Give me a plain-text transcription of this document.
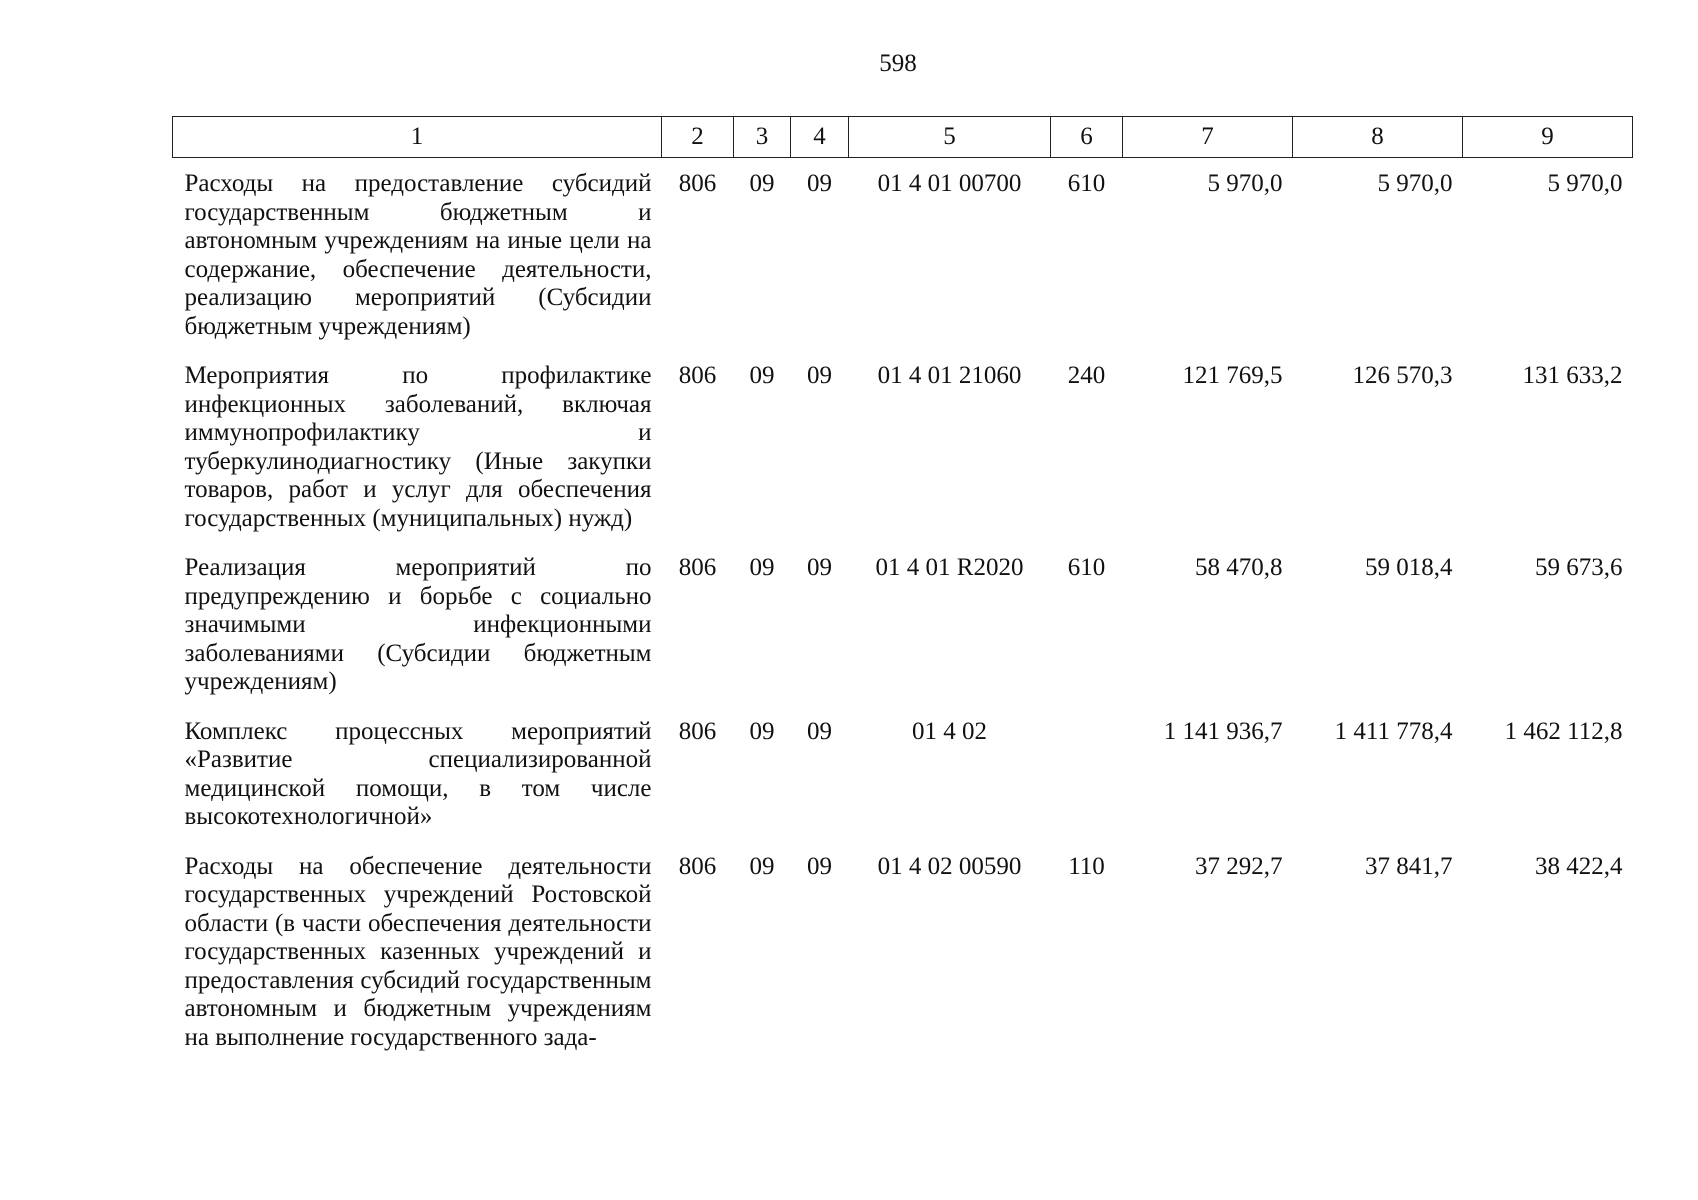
598
1	2	3	4	5	6	7	8	9
Расходы на предоставление субсидий государственным бюджетным и автономным учреждениям на иные цели на содержание, обеспечение деятельности, реализацию мероприятий (Субсидии бюджетным учреждениям)	806	09	09	01 4 01 00700	610	5 970,0	5 970,0	5 970,0
Мероприятия по профилактике инфекционных заболеваний, включая иммунопрофилактику и туберкулинодиагностику (Иные закупки товаров, работ и услуг для обеспечения государственных (муниципальных) нужд)	806	09	09	01 4 01 21060	240	121 769,5	126 570,3	131 633,2
Реализация мероприятий по предупреждению и борьбе с социально значимыми инфекционными заболеваниями (Субсидии бюджетным учреждениям)	806	09	09	01 4 01 R2020	610	58 470,8	59 018,4	59 673,6
Комплекс процессных мероприятий «Развитие специализированной медицинской помощи, в том числе высокотехнологичной»	806	09	09	01 4 02		1 141 936,7	1 411 778,4	1 462 112,8
Расходы на обеспечение деятельности государственных учреждений Ростовской области (в части обеспечения деятельности государственных казенных учреждений и предоставления субсидий государственным автономным и бюджетным учреждениям на выполнение государственного зада-	806	09	09	01 4 02 00590	110	37 292,7	37 841,7	38 422,4
